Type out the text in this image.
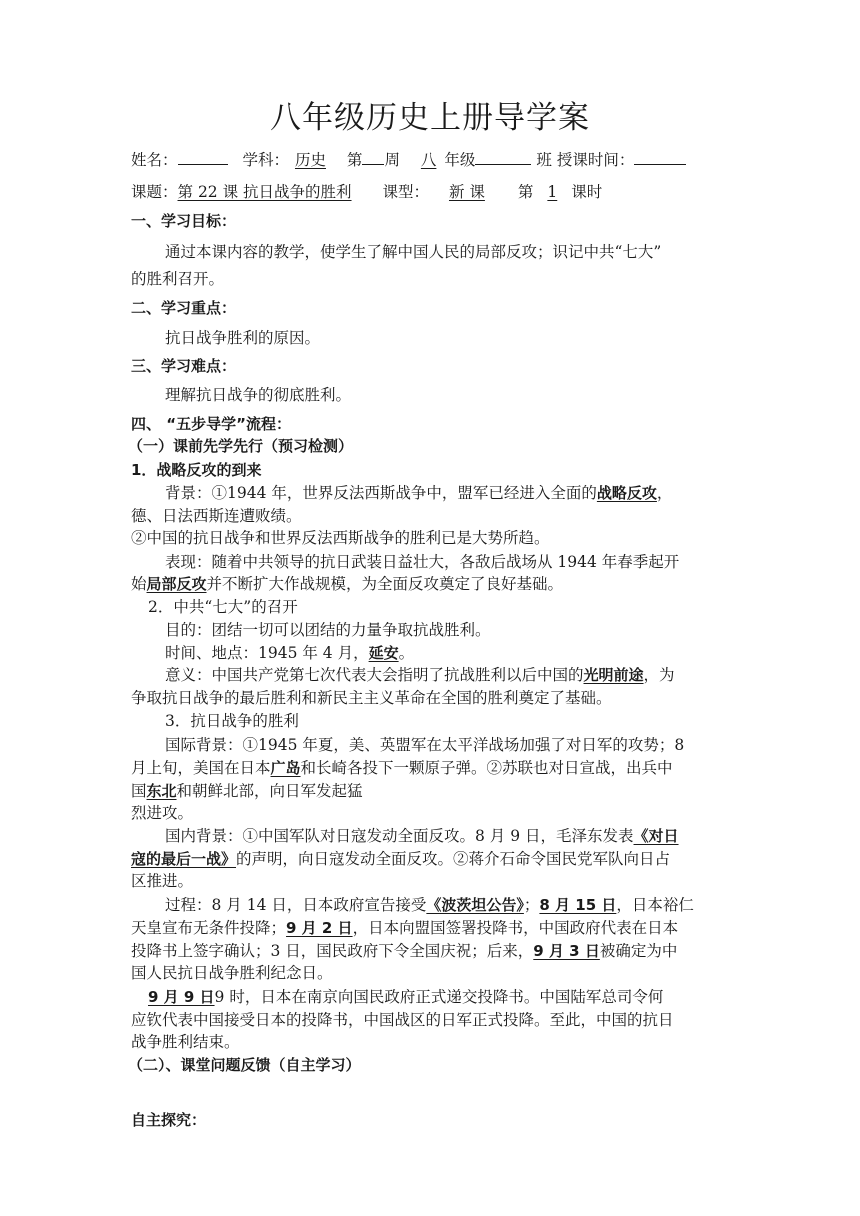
八年级历史上册导学案
姓名：	学科： 历史 第 周 八 年级	班 授课时间：
课题：第 22 课 抗日战争的胜利 课型： 新 课 第 1 课时
一、学习目标：
通过本课内容的教学，使学生了解中国人民的局部反攻；识记中共“七大”
的胜利召开。
二、学习重点：
抗日战争胜利的原因。
三、学习难点：
理解抗日战争的彻底胜利。
四、 “五步导学”流程：
（一）课前先学先行（预习检测）
1．战略反攻的到来
背景：①1944 年，世界反法西斯战争中，盟军已经进入全面的战略反攻，
德、日法西斯连遭败绩。
②中国的抗日战争和世界反法西斯战争的胜利已是大势所趋。
表现：随着中共领导的抗日武装日益壮大，各敌后战场从 1944 年春季起开
始局部反攻并不断扩大作战规模，为全面反攻奠定了良好基础。
2．中共“七大”的召开
目的：团结一切可以团结的力量争取抗战胜利。
时间、地点：1945 年 4 月，延安。
意义：中国共产党第七次代表大会指明了抗战胜利以后中国的光明前途，为
争取抗日战争的最后胜利和新民主主义革命在全国的胜利奠定了基础。
3．抗日战争的胜利
国际背景：①1945 年夏，美、英盟军在太平洋战场加强了对日军的攻势；8
月上旬，美国在日本广岛和长崎各投下一颗原子弹。②苏联也对日宣战，出兵中
国东北和朝鲜北部，向日军发起猛
烈进攻。
国内背景：①中国军队对日寇发动全面反攻。8 月 9 日，毛泽东发表《对日
寇的最后一战》的声明，向日寇发动全面反攻。②蒋介石命令国民党军队向日占
区推进。
过程：8 月 14 日，日本政府宣告接受《波茨坦公告》；8 月 15 日，日本裕仁
天皇宣布无条件投降；9 月 2 日，日本向盟国签署投降书，中国政府代表在日本
投降书上签字确认；3 日，国民政府下令全国庆祝；后来，9 月 3 日被确定为中
国人民抗日战争胜利纪念日。
9 月 9 日9 时，日本在南京向国民政府正式递交投降书。中国陆军总司令何
应钦代表中国接受日本的投降书，中国战区的日军正式投降。至此，中国的抗日
战争胜利结束。
（二）、课堂问题反馈（自主学习）
自主探究：
